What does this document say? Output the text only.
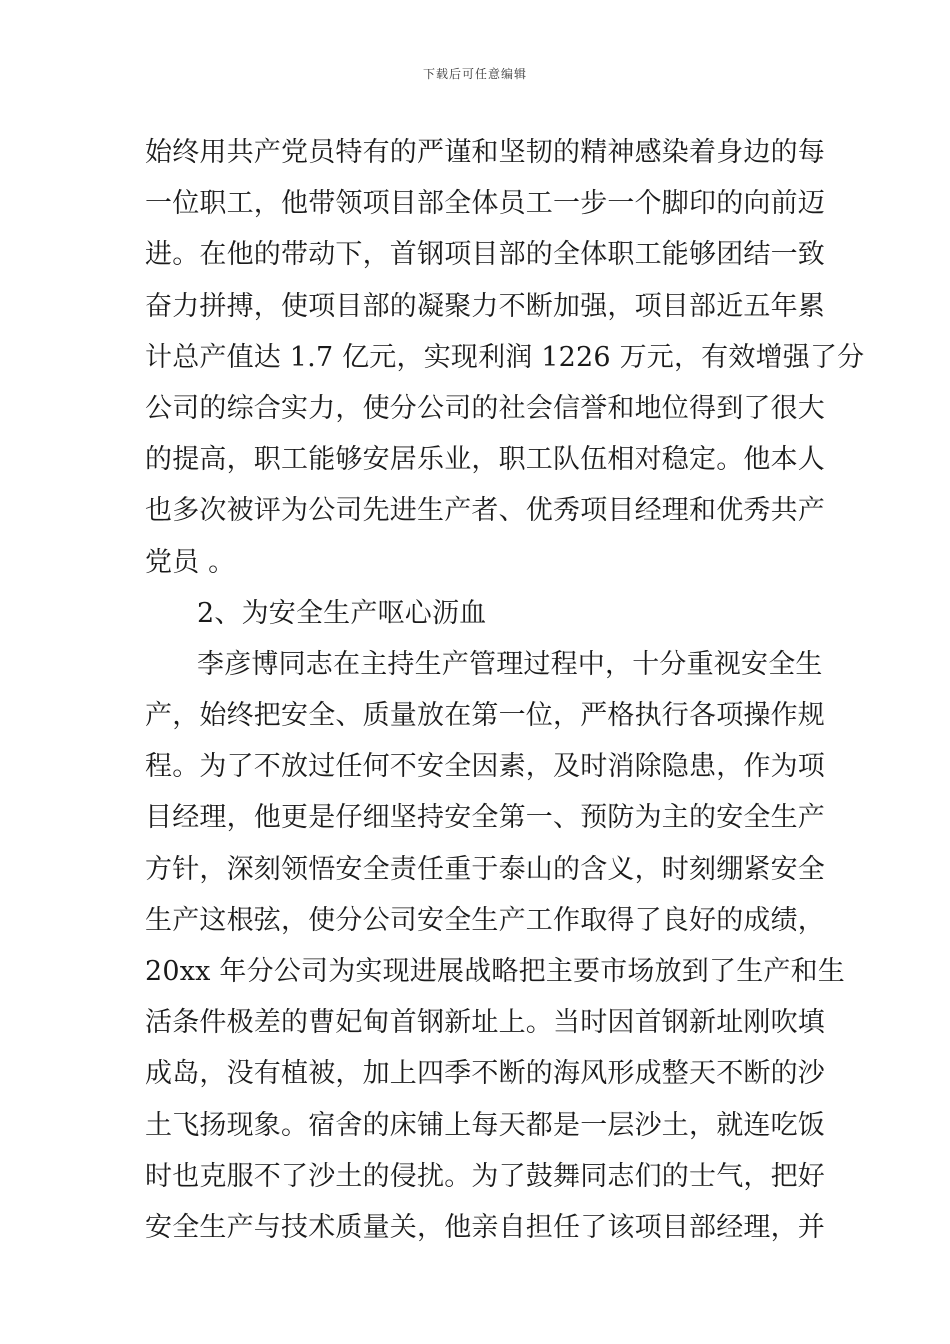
下载后可任意编辑
始终用共产党员特有的严谨和坚韧的精神感染着身边的每
一位职工，他带领项目部全体员工一步一个脚印的向前迈
进。在他的带动下，首钢项目部的全体职工能够团结一致
奋力拼搏，使项目部的凝聚力不断加强，项目部近五年累
计总产值达 1.7 亿元，实现利润 1226 万元，有效增强了分
公司的综合实力，使分公司的社会信誉和地位得到了很大
的提高，职工能够安居乐业，职工队伍相对稳定。他本人
也多次被评为公司先进生产者、优秀项目经理和优秀共产
党员 。
2、为安全生产呕心沥血
李彦博同志在主持生产管理过程中，十分重视安全生
产，始终把安全、质量放在第一位，严格执行各项操作规
程。为了不放过任何不安全因素，及时消除隐患，作为项
目经理，他更是仔细坚持安全第一、预防为主的安全生产
方针，深刻领悟安全责任重于泰山的含义，时刻绷紧安全
生产这根弦，使分公司安全生产工作取得了良好的成绩，
20xx 年分公司为实现进展战略把主要市场放到了生产和生
活条件极差的曹妃甸首钢新址上。当时因首钢新址刚吹填
成岛，没有植被，加上四季不断的海风形成整天不断的沙
土飞扬现象。宿舍的床铺上每天都是一层沙土，就连吃饭
时也克服不了沙土的侵扰。为了鼓舞同志们的士气，把好
安全生产与技术质量关，他亲自担任了该项目部经理，并
